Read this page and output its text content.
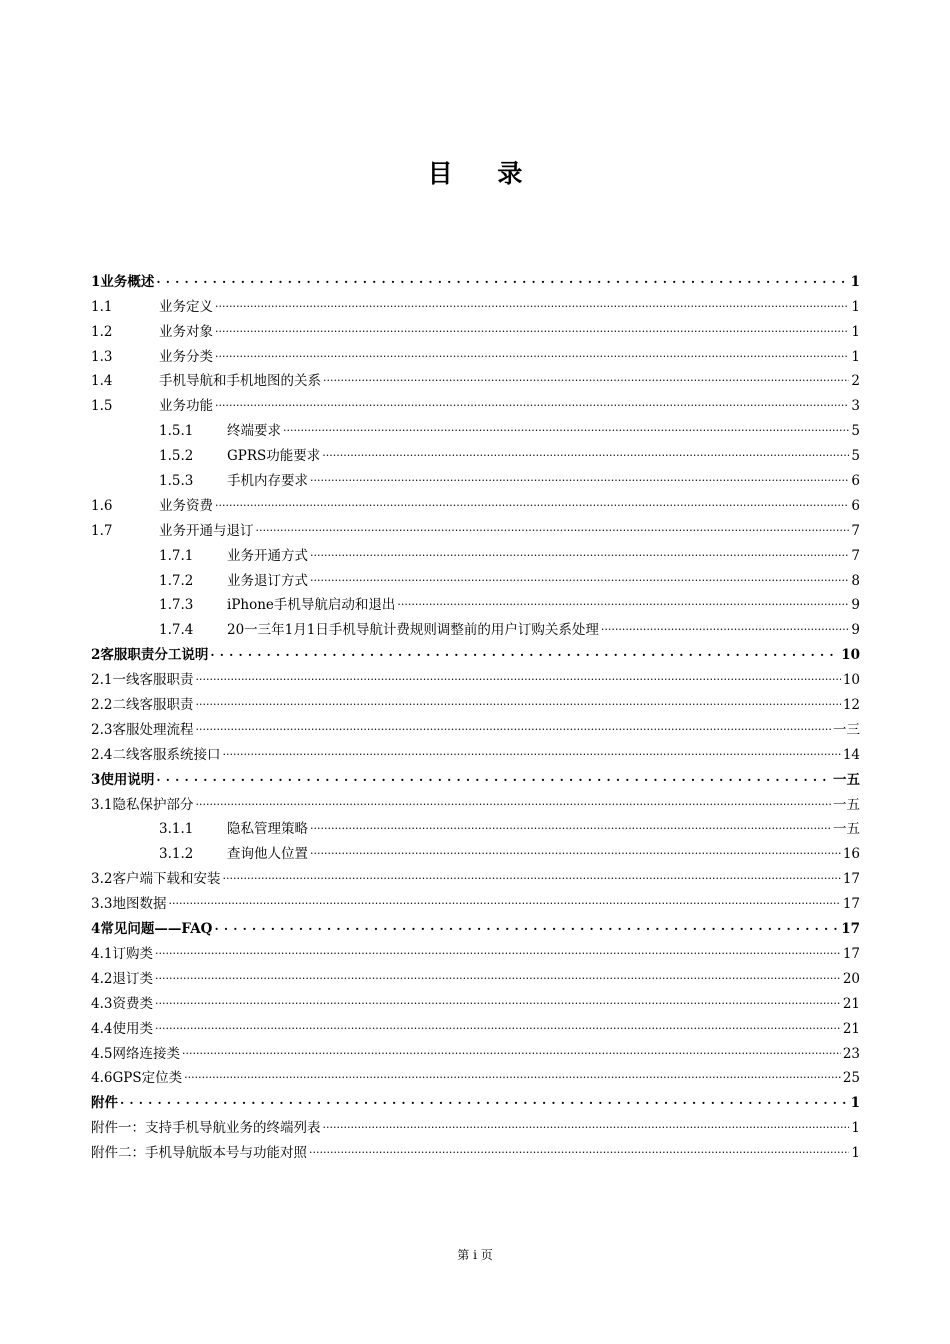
目 录
1 业务概述 .....	1
1.1	业务定义 .....	1
1.2	业务对象 .....	1
1.3	业务分类 .....	1
1.4	手机导航和手机地图的关系 .....	2
1.5	业务功能 .....	3
1.5.1	终端要求 .....	5
1.5.2	GPRS功能要求 .....	5
1.5.3	手机内存要求 .....	6
1.6	业务资费 .....	6
1.7	业务开通与退订 .....	7
1.7.1	业务开通方式 .....	7
1.7.2	业务退订方式 .....	8
1.7.3	iPhone手机导航启动和退出 .....	9
1.7.4	20一三年1月1日手机导航计费规则调整前的用户订购关系处理 .....	9
2 客服职责分工说明 .....	10
2.1 一线客服职责 .....	10
2.2 二线客服职责 .....	12
2.3 客服处理流程 .....	一三
2.4 二线客服系统接口 .....	14
3 使用说明 .....	一五
3.1 隐私保护部分 .....	一五
3.1.1	隐私管理策略 .....	一五
3.1.2	查询他人位置 .....	16
3.2 客户端下载和安装 .....	17
3.3 地图数据 .....	17
4 常见问题——FAQ .....	17
4.1 订购类 .....	17
4.2 退订类 .....	20
4.3 资费类 .....	21
4.4 使用类 .....	21
4.5 网络连接类 .....	23
4.6 GPS定位类 .....	25
附件 .....	1
附件一：支持手机导航业务的终端列表 .....	1
附件二：手机导航版本号与功能对照 .....	1
第 i 页
